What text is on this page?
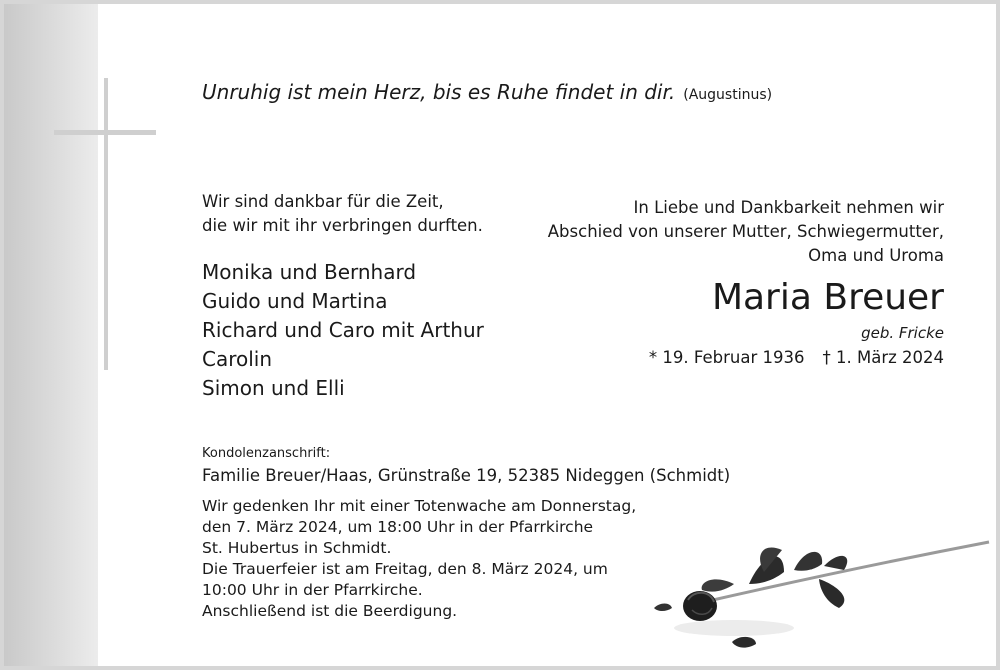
Unruhig ist mein Herz, bis es Ruhe findet in dir. (Augustinus)
Wir sind dankbar für die Zeit,
die wir mit ihr verbringen durften.
Monika und Bernhard
Guido und Martina
Richard und Caro mit Arthur
Carolin
Simon und Elli
In Liebe und Dankbarkeit nehmen wir
Abschied von unserer Mutter, Schwiegermutter,
Oma und Uroma
Maria Breuer
geb. Fricke
* 19. Februar 1936 † 1. März 2024
Kondolenzanschrift:
Familie Breuer/Haas, Grünstraße 19, 52385 Nideggen (Schmidt)
Wir gedenken Ihr mit einer Totenwache am Donnerstag,
den 7. März 2024, um 18:00 Uhr in der Pfarrkirche
St. Hubertus in Schmidt.
Die Trauerfeier ist am Freitag, den 8. März 2024, um
10:00 Uhr in der Pfarrkirche.
Anschließend ist die Beerdigung.
